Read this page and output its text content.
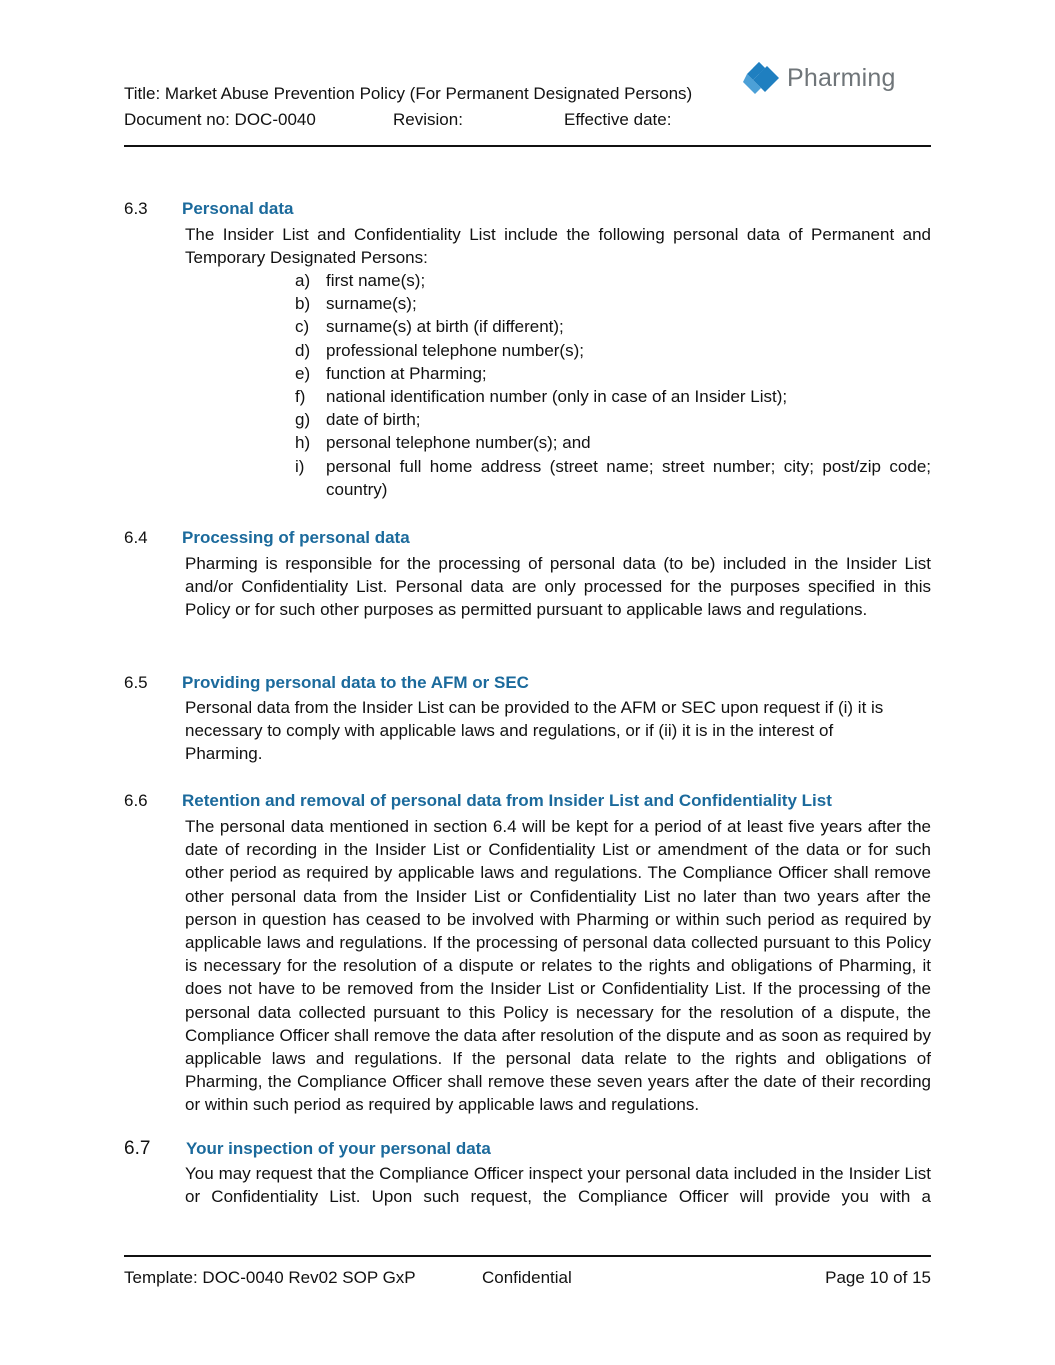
Title: Market Abuse Prevention Policy (For Permanent Designated Persons)
Document no: DOC-0040	Revision:	Effective date:
Pharming
6.3 Personal data
The Insider List and Confidentiality List include the following personal data of Permanent and Temporary Designated Persons:
a) first name(s);
b) surname(s);
c) surname(s) at birth (if different);
d) professional telephone number(s);
e) function at Pharming;
f) national identification number (only in case of an Insider List);
g) date of birth;
h) personal telephone number(s); and
i) personal full home address (street name; street number; city; post/zip code; country)
6.4 Processing of personal data
Pharming is responsible for the processing of personal data (to be) included in the Insider List and/or Confidentiality List. Personal data are only processed for the purposes specified in this Policy or for such other purposes as permitted pursuant to applicable laws and regulations.
6.5 Providing personal data to the AFM or SEC
Personal data from the Insider List can be provided to the AFM or SEC upon request if (i) it is necessary to comply with applicable laws and regulations, or if (ii) it is in the interest of Pharming.
6.6 Retention and removal of personal data from Insider List and Confidentiality List
The personal data mentioned in section 6.4 will be kept for a period of at least five years after the date of recording in the Insider List or Confidentiality List or amendment of the data or for such other period as required by applicable laws and regulations. The Compliance Officer shall remove other personal data from the Insider List or Confidentiality List no later than two years after the person in question has ceased to be involved with Pharming or within such period as required by applicable laws and regulations. If the processing of personal data collected pursuant to this Policy is necessary for the resolution of a dispute or relates to the rights and obligations of Pharming, it does not have to be removed from the Insider List or Confidentiality List. If the processing of the personal data collected pursuant to this Policy is necessary for the resolution of a dispute, the Compliance Officer shall remove the data after resolution of the dispute and as soon as required by applicable laws and regulations. If the personal data relate to the rights and obligations of Pharming, the Compliance Officer shall remove these seven years after the date of their recording or within such period as required by applicable laws and regulations.
6.7 Your inspection of your personal data
You may request that the Compliance Officer inspect your personal data included in the Insider List or Confidentiality List. Upon such request, the Compliance Officer will provide you with a
Template: DOC-0040 Rev02 SOP GxP	Confidential	Page 10 of 15
